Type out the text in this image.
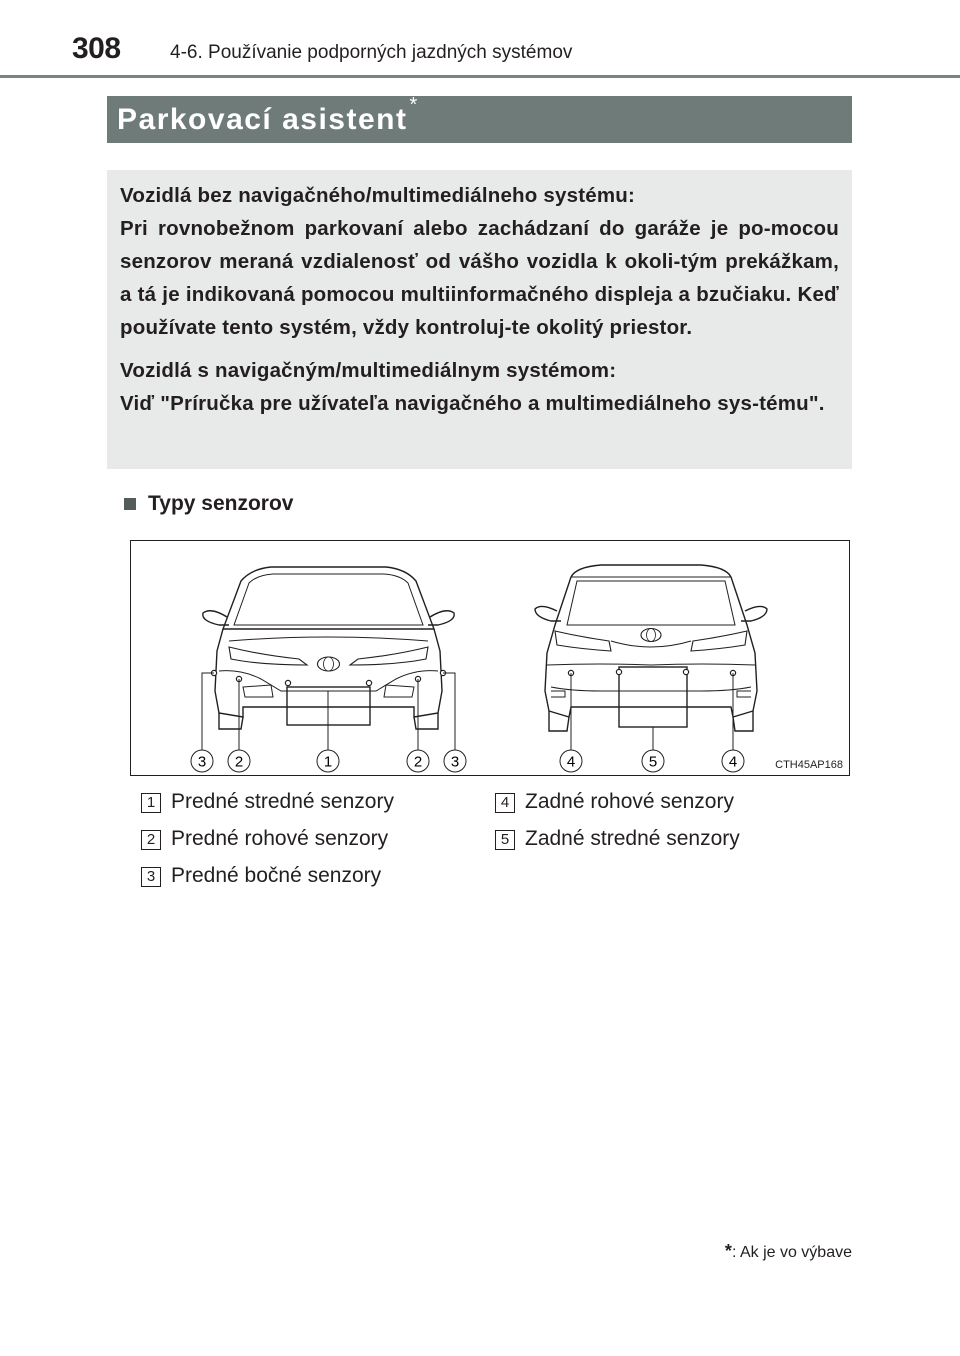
308	4-6. Používanie podporných jazdných systémov
Parkovací asistent *

Vozidlá bez navigačného/multimediálneho systému:

Pri rovnobežnom parkovaní alebo zachádzaní do garáže je po-mocou senzorov meraná vzdialenosť od vášho vozidla k okoli-tým prekážkam, a tá je indikovaná pomocou multiinformačného displeja a bzučiaku. Keď používate tento systém, vždy kontroluj-te okolitý priestor.

Vozidlá s navigačným/multimediálnym systémom:

Viď "Príručka pre užívateľa navigačného a multimediálneho sys-tému".

Typy senzorov
3 2	1	2 3	4	5	4	CTH45AP168
1 Predné stredné senzory
2 Predné rohové senzory
3 Predné bočné senzory
4 Zadné rohové senzory
5 Zadné stredné senzory
*: Ak je vo výbave
